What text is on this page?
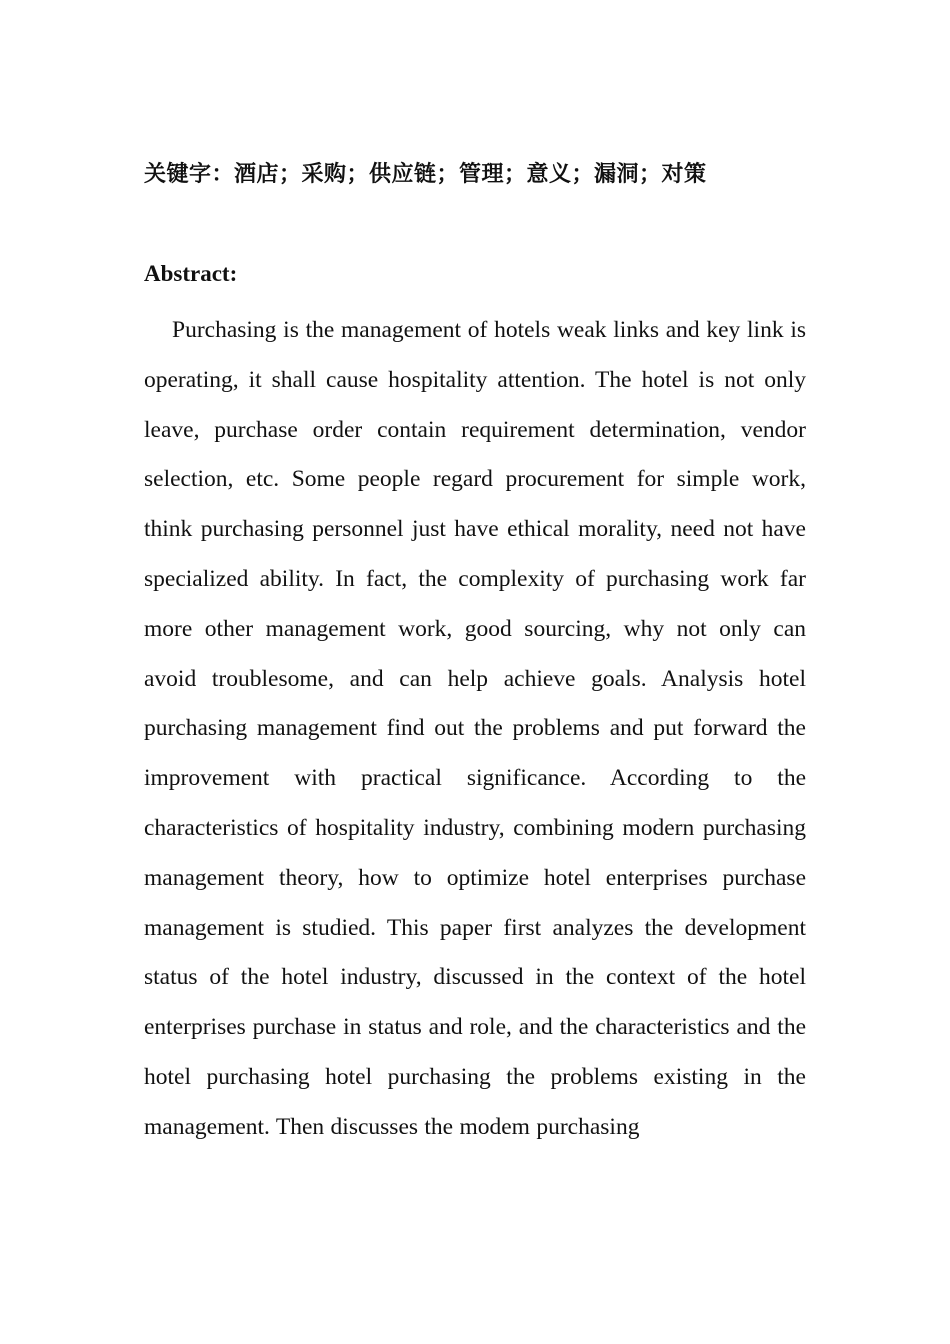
关键字：酒店；采购；供应链；管理；意义；漏洞；对策
Abstract:

Purchasing is the management of hotels weak links and key link is operating, it shall cause hospitality attention. The hotel is not only leave, purchase order contain requirement determination, vendor selection, etc. Some people regard procurement for simple work, think purchasing personnel just have ethical morality, need not have specialized ability. In fact, the complexity of purchasing work far more other management work, good sourcing, why not only can avoid troublesome, and can help achieve goals. Analysis hotel purchasing management find out the problems and put forward the improvement with practical significance. According to the characteristics of hospitality industry, combining modern purchasing management theory, how to optimize hotel enterprises purchase management is studied. This paper first analyzes the development status of the hotel industry, discussed in the context of the hotel enterprises purchase in status and role, and the characteristics and the hotel purchasing hotel purchasing the problems existing in the management. Then discusses the modem purchasing
